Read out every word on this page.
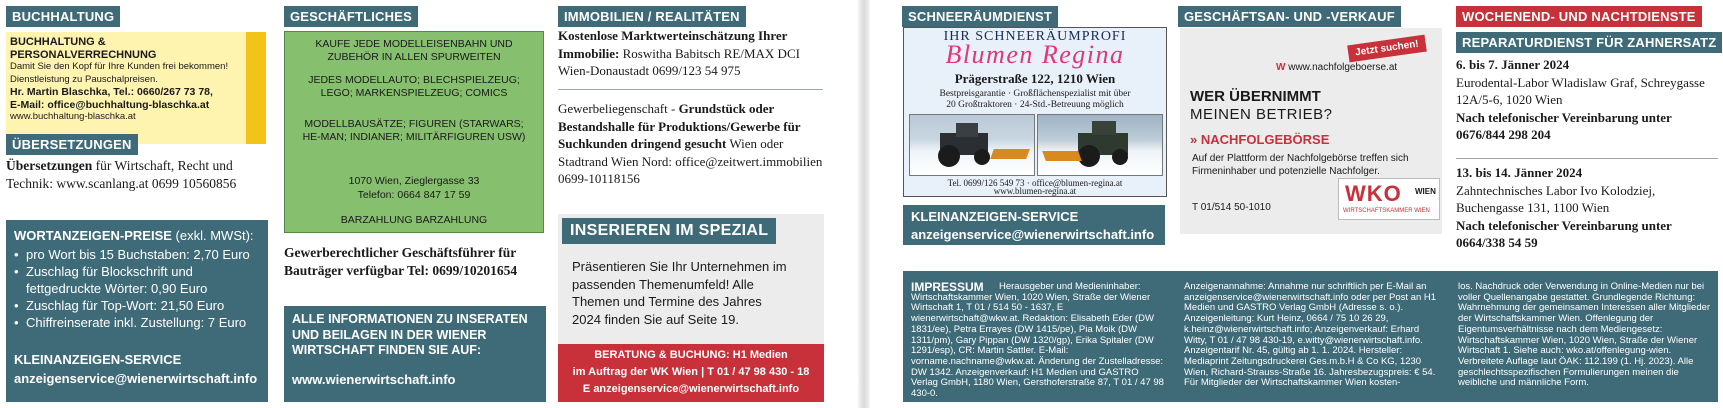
BUCHHALTUNG
BUCHHALTUNG & PERSONALVERRECHNUNG
Damit Sie den Kopf für Ihre Kunden frei bekommen!
Dienstleistung zu Pauschalpreisen.
Hr. Martin Blaschka, Tel.: 0660/267 73 78,
E-Mail: office@buchhaltung-blaschka.at
www.buchhaltung-blaschka.at
ÜBERSETZUNGEN
Übersetzungen für Wirtschaft, Recht und Technik: www.scanlang.at 0699 10560856
WORTANZEIGEN-PREISE (exkl. MWSt):
• pro Wort bis 15 Buchstaben: 2,70 Euro
• Zuschlag für Blockschrift und fettgedruckte Wörter: 0,90 Euro
• Zuschlag für Top-Wort: 21,50 Euro
• Chiffreinserate inkl. Zustellung: 7 Euro
KLEINANZEIGEN-SERVICE
anzeigenservice@wienerwirtschaft.info
GESCHÄFTLICHES
KAUFE JEDE MODELLEISENBAHN UND ZUBEHÖR IN ALLEN SPURWEITEN
JEDES MODELLAUTO; BLECHSPIELZEUG; LEGO; MARKENSPIELZEUG; COMICS
MODELLBAUSÄTZE; FIGUREN (STARWARS; HE-MAN; INDIANER; MILITÄRFIGUREN USW)
1070 Wien, Zieglergasse 33
Telefon: 0664 847 17 59
BARZAHLUNG BARZAHLUNG
Gewerberechtlicher Geschäftsführer für Bauträger verfügbar Tel: 0699/10201654
ALLE INFORMATIONEN ZU INSERATEN UND BEILAGEN IN DER WIENER WIRTSCHAFT FINDEN SIE AUF:
www.wienerwirtschaft.info
IMMOBILIEN / REALITÄTEN
Kostenlose Marktwerteinschätzung Ihrer Immobilie: Roswitha Babitsch RE/MAX DCI Wien-Donaustadt 0699/123 54 975
Gewerbeliegenschaft - Grundstück oder Bestandshalle für Produktions/Gewerbe für Suchkunden dringend gesucht Wien oder Stadtrand Wien Nord: office@zeitwert.immobilien 0699-10118156
INSERIEREN IM SPEZIAL
Präsentieren Sie Ihr Unternehmen im passenden Themenumfeld! Alle Themen und Termine des Jahres 2024 finden Sie auf Seite 19.
BERATUNG & BUCHUNG: H1 Medien
im Auftrag der WK Wien | T 01 / 47 98 430 - 18
E anzeigenservice@wienerwirtschaft.info
SCHNEERÄUMDIENST
IHR SCHNEERÄUMPROFI
Blumen Regina
Prägerstraße 122, 1210 Wien
Bestpreisgarantie · Großflächenspezialist mit über
20 Großtraktoren · 24-Std.-Betreuung möglich
Tel. 0699/126 549 73 · office@blumen-regina.at
www.blumen-regina.at
KLEINANZEIGEN-SERVICE
anzeigenservice@wienerwirtschaft.info
GESCHÄFTSAN- UND -VERKAUF
Jetzt suchen!
W www.nachfolgeboerse.at
WER ÜBERNIMMT
MEINEN BETRIEB?
» NACHFOLGEBÖRSE
Auf der Plattform der Nachfolgebörse treffen sich Firmeninhaber und potenzielle Nachfolger.
T 01/514 50-1010
WKO WIEN
WIRTSCHAFTSKAMMER WIEN
WOCHENEND- UND NACHTDIENSTE
REPARATURDIENST FÜR ZAHNERSATZ
6. bis 7. Jänner 2024
Eurodental-Labor Wladislaw Graf, Schreygasse 12A/5-6, 1020 Wien
Nach telefonischer Vereinbarung unter 0676/844 298 204
13. bis 14. Jänner 2024
Zahntechnisches Labor Ivo Kolodziej, Buchengasse 131, 1100 Wien
Nach telefonischer Vereinbarung unter 0664/338 54 59
IMPRESSUM	Herausgeber und Medieninhaber: Wirtschaftskammer Wien, 1020 Wien, Straße der Wiener Wirtschaft 1, T 01 / 514 50 - 1637, E wienerwirtschaft@wkw.at. Redaktion: Elisabeth Eder (DW 1831/ee), Petra Errayes (DW 1415/pe), Pia Moik (DW 1311/pm), Gary Pippan (DW 1320/gp), Erika Spitaler (DW 1291/esp), CR: Martin Sattler. E-Mail: vorname.nachname@wkw.at. Änderung der Zustelladresse: DW 1342. Anzeigenverkauf: H1 Medien und GASTRO Verlag GmbH, 1180 Wien, Gersthoferstraße 87, T 01 / 47 98 430-0.
Anzeigenannahme: Annahme nur schriftlich per E-Mail an anzeigenservice@wienerwirtschaft.info oder per Post an H1 Medien und GASTRO Verlag GmbH (Adresse s. o.). Anzeigenleitung: Kurt Heinz, 0664 / 75 10 26 29, k.heinz@wienerwirtschaft.info; Anzeigenverkauf: Erhard Witty, T 01 / 47 98 430-19, e.witty@wienerwirtschaft.info. Anzeigentarif Nr. 45, gültig ab 1. 1. 2024. Hersteller: Mediaprint Zeitungsdruckerei Ges.m.b.H & Co KG, 1230 Wien, Richard-Strauss-Straße 16. Jahresbezugspreis: € 54. Für Mitglieder der Wirtschaftskammer Wien kosten-
los. Nachdruck oder Verwendung in Online-Medien nur bei voller Quellenangabe gestattet. Grundlegende Richtung: Wahrnehmung der gemeinsamen Interessen aller Mitglieder der Wirtschaftskammer Wien. Offenlegung der Eigentumsverhältnisse nach dem Mediengesetz: Wirtschaftskammer Wien, 1020 Wien, Straße der Wiener Wirtschaft 1. Siehe auch: wko.at/offenlegung-wien. Verbreitete Auflage laut ÖAK: 112.199 (1. Hj. 2023). Alle geschlechtsspezifischen Formulierungen meinen die weibliche und männliche Form.
